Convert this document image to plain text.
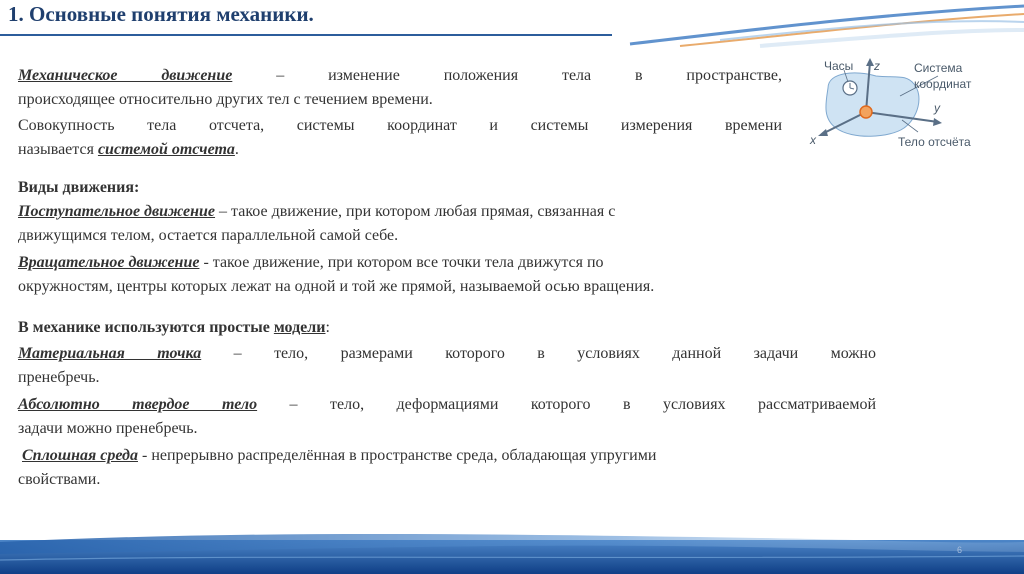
1. Основные понятия механики.

Механическое движение – изменение положения тела в пространстве,

происходящее относительно других тел с течением времени.

Совокупность тела отсчета, системы координат и системы измерения времени

называется системой отсчета.

Часы z
y
x
Система
координат
Тело отсчёта

Виды движения:

Поступательное движение – такое движение, при котором любая прямая, связанная с

движущимся телом, остается параллельной самой себе.

Вращательное движение - такое движение, при котором все точки тела движутся по

окружностям, центры которых лежат на одной и той же прямой, называемой осью вращения.

В механике используются простые модели:

Материальная точка – тело, размерами которого в условиях данной задачи можно

пренебречь.

Абсолютно твердое тело – тело, деформациями которого в условиях рассматриваемой

задачи можно пренебречь.

Сплошная среда - непрерывно распределённая в пространстве среда, обладающая упругими

свойствами.

6
